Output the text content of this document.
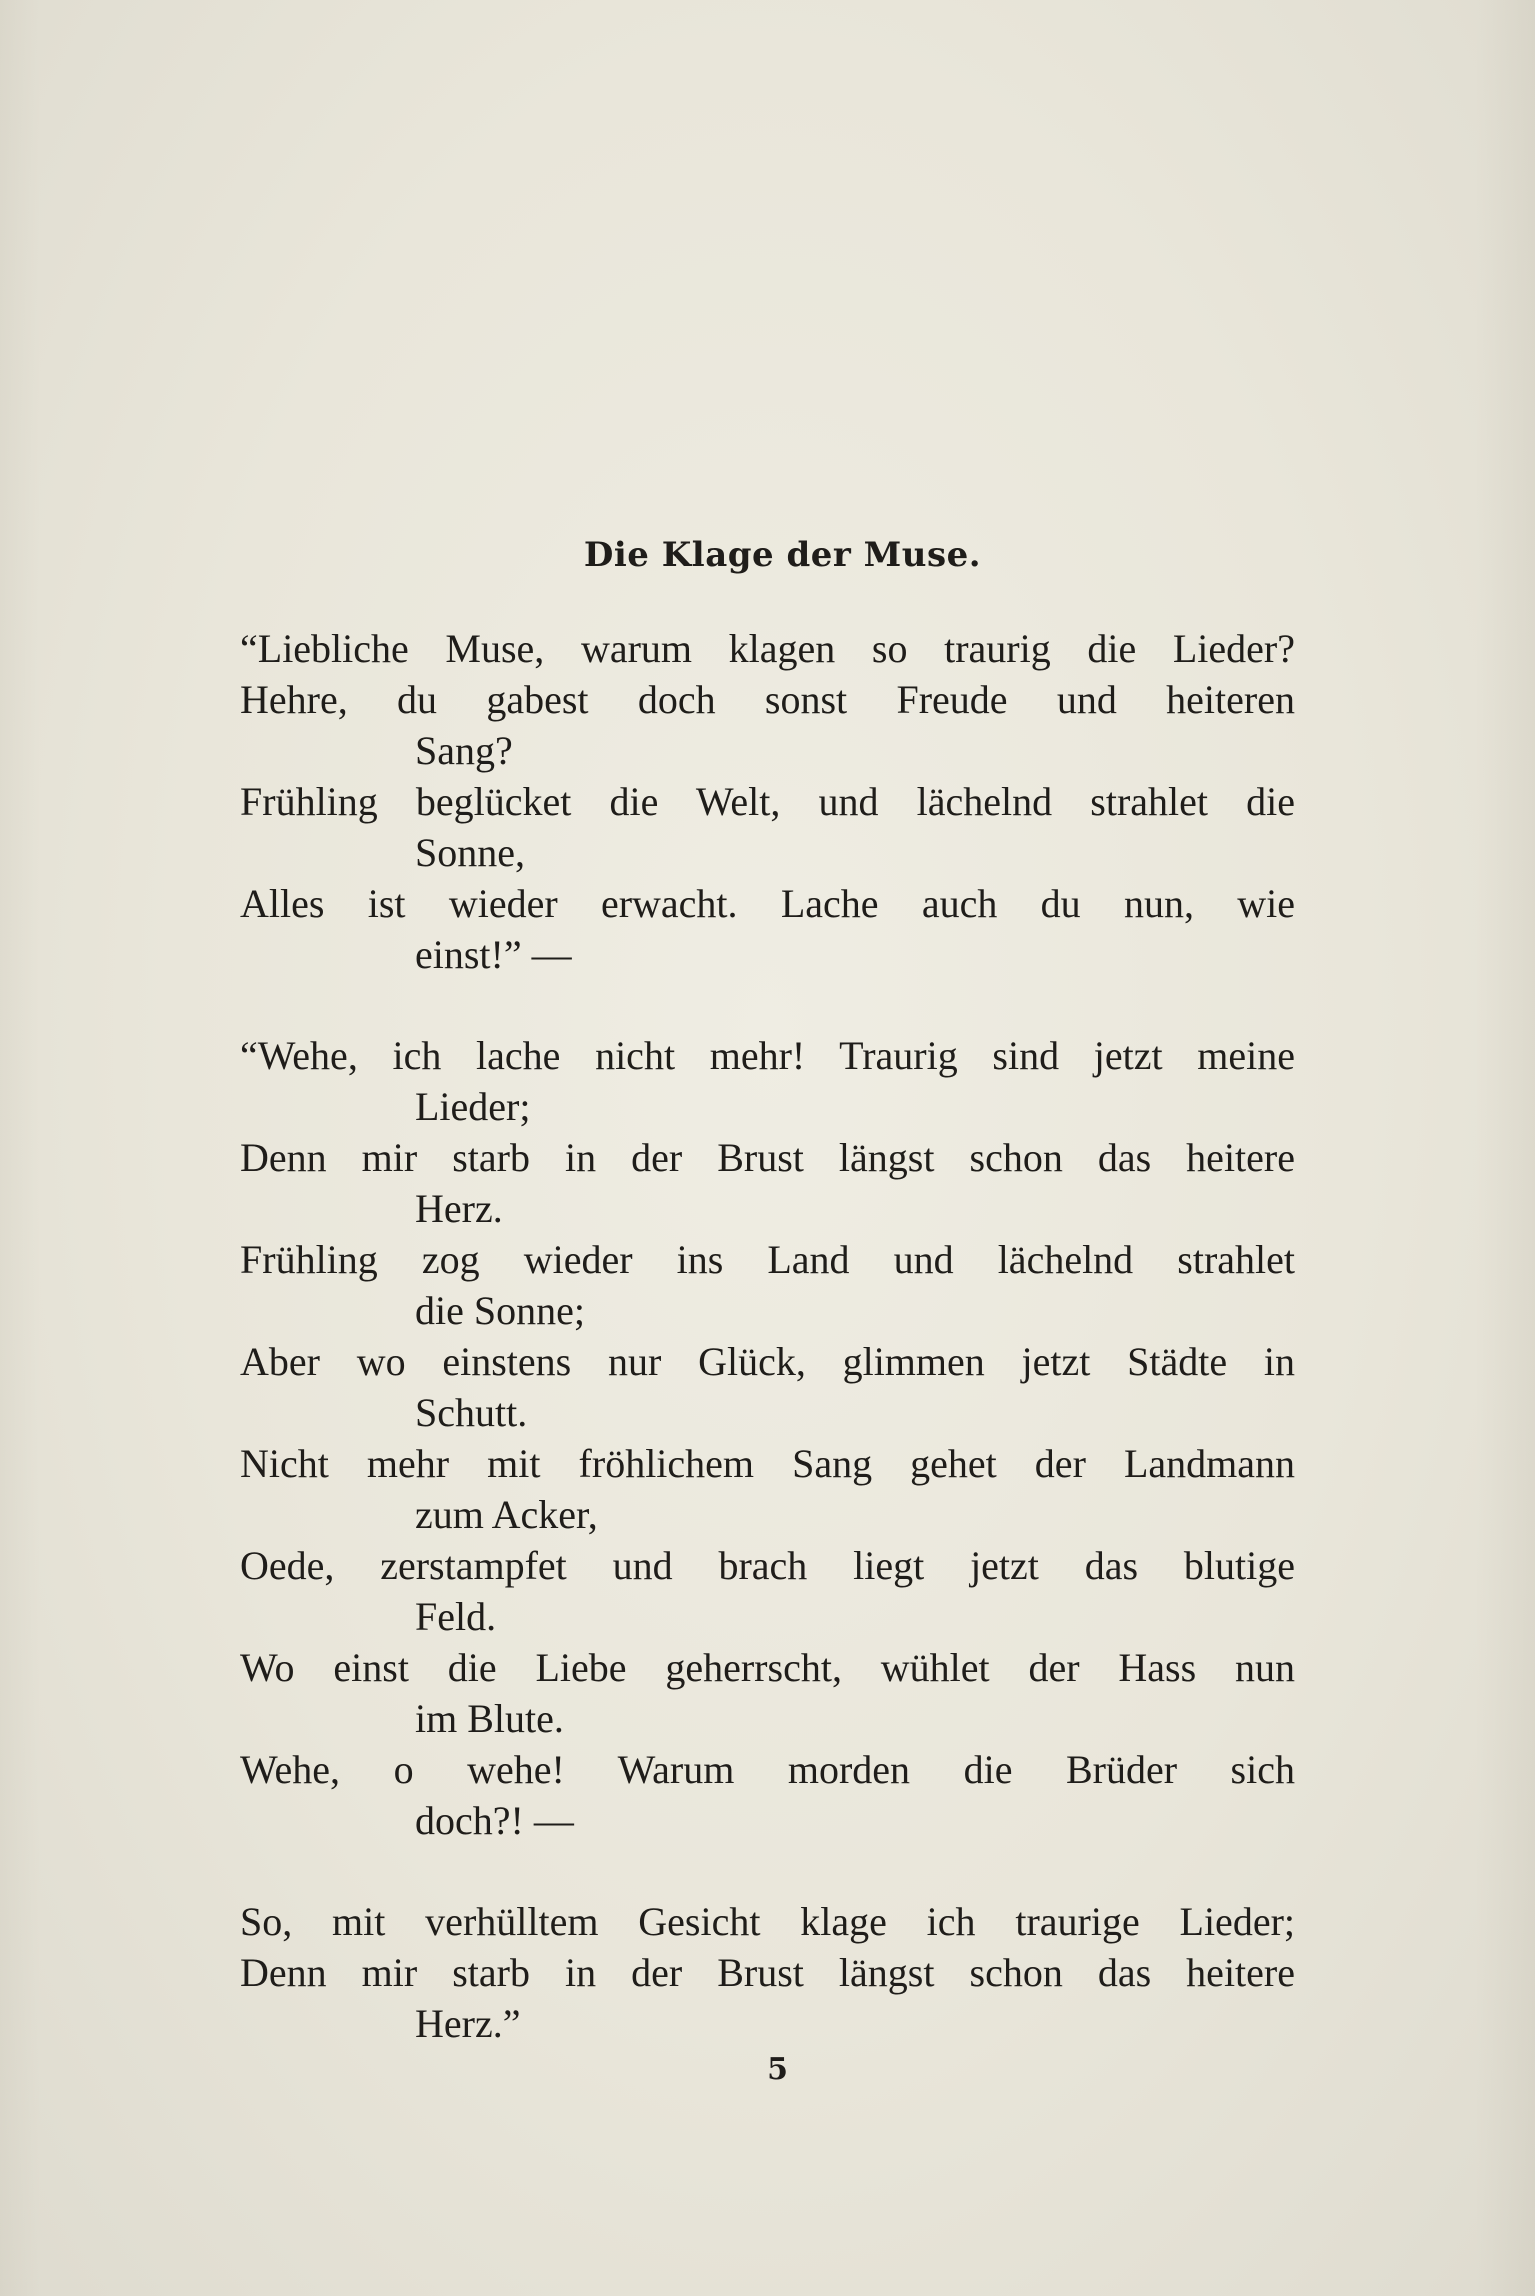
Die Klage der Muse.
“Liebliche Muse, warum klagen so traurig die Lieder?
Hehre, du gabest doch sonst Freude und heiteren
Sang?
Frühling beglücket die Welt, und lächelnd strahlet die
Sonne,
Alles ist wieder erwacht. Lache auch du nun, wie
einst!” —
“Wehe, ich lache nicht mehr! Traurig sind jetzt meine
Lieder;
Denn mir starb in der Brust längst schon das heitere
Herz.
Frühling zog wieder ins Land und lächelnd strahlet
die Sonne;
Aber wo einstens nur Glück, glimmen jetzt Städte in
Schutt.
Nicht mehr mit fröhlichem Sang gehet der Landmann
zum Acker,
Oede, zerstampfet und brach liegt jetzt das blutige
Feld.
Wo einst die Liebe geherrscht, wühlet der Hass nun
im Blute.
Wehe, o wehe! Warum morden die Brüder sich
doch?! —
So, mit verhülltem Gesicht klage ich traurige Lieder;
Denn mir starb in der Brust längst schon das heitere
Herz.”
5
